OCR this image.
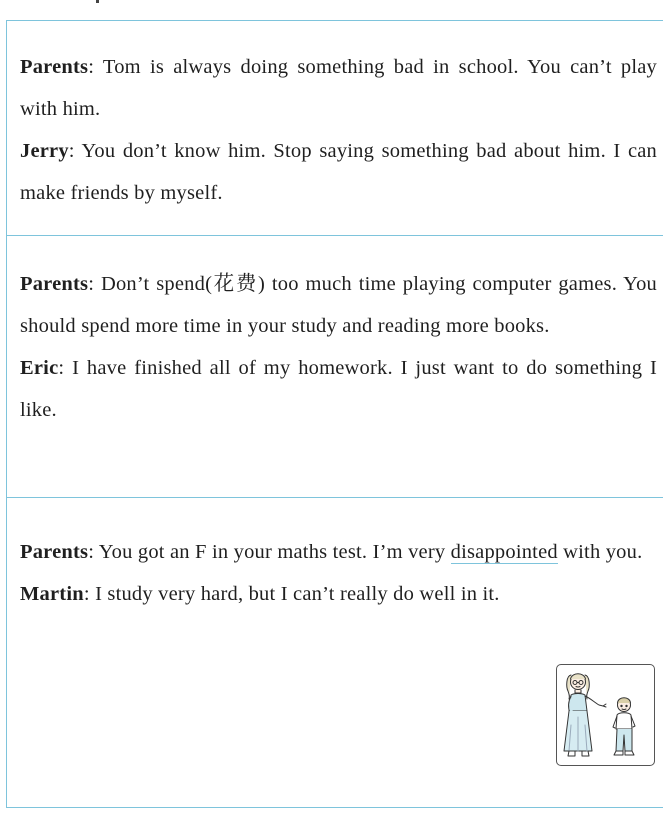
Parents: Tom is always doing something bad in school. You can’t play with him.

Jerry: You don’t know him. Stop saying something bad about him. I can make friends by myself.

Parents: Don’t spend(花费) too much time playing computer games. You should spend more time in your study and reading more books.

Eric: I have finished all of my homework. I just want to do something I like.

Parents: You got an F in your maths test. I’m very disappointed with you.

Martin: I study very hard, but I can’t really do well in it.
